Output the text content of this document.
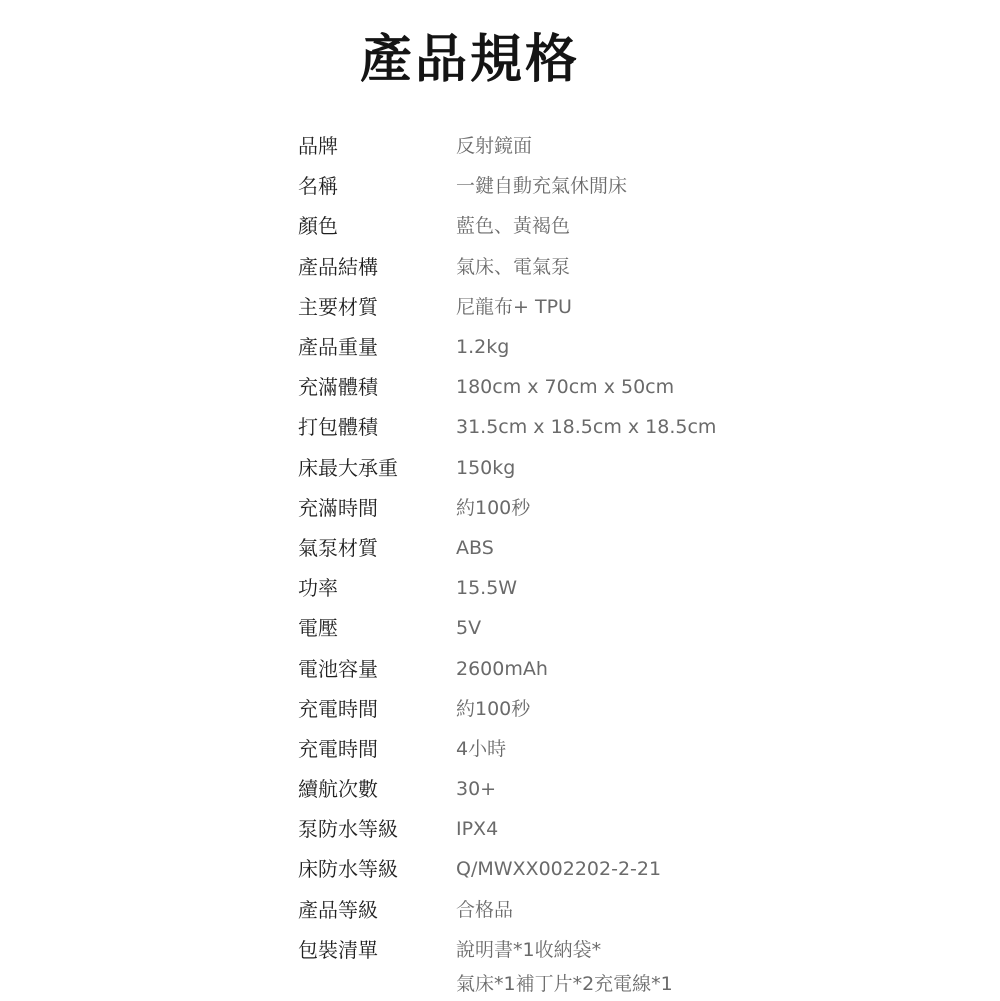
產品規格
品牌	反射鏡面
名稱	一鍵自動充氣休閒床
顏色	藍色、黃褐色
產品結構	氣床、電氣泵
主要材質	尼龍布+ TPU
產品重量	1.2kg
充滿體積	180cm x 70cm x 50cm
打包體積	31.5cm x 18.5cm x 18.5cm
床最大承重	150kg
充滿時間	約100秒
氣泵材質	ABS
功率	15.5W
電壓	5V
電池容量	2600mAh
充電時間	約100秒
充電時間	4小時
續航次數	30+
泵防水等級	IPX4
床防水等級	Q/MWXX002202-2-21
產品等級	合格品
包裝清單	說明書*1收納袋*
氣床*1補丁片*2充電線*1
